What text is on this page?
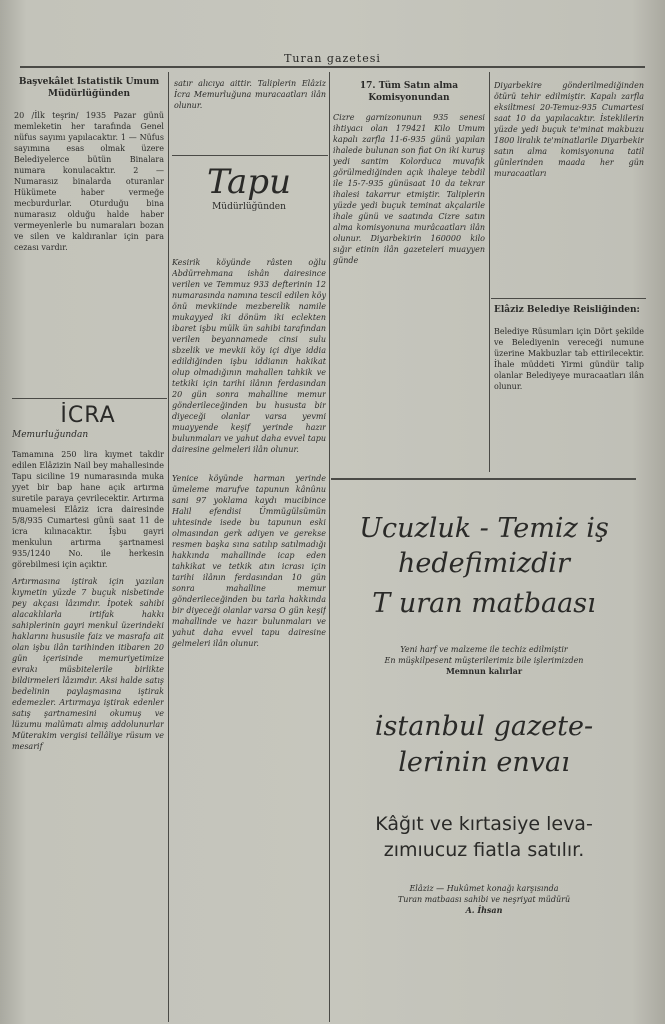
Turan gazetesi
Başvekâlet İstatistik Umum Müdürlüğünden

20 /İlk teşrin/ 1935 Pazar günü memleketin her tarafında Genel nüfus sayımı yapılacaktır. 1 — Nüfus sayımına esas olmak üzere Belediyelerce bütün Binalara numara konulacaktır. 2 — Numarasız binalarda oturanlar Hükümete haber vermeğe mecburdurlar. Oturduğu bina numarasız olduğu halde haber vermeyenlerle bu numaraları bozan ve silen ve kaldıranlar için para cezası vardır.

İCRA
Memurluğundan

Tamamına 250 lira kıymet takdir edilen Elâzizin Nail bey mahallesinde Tapu siciline 19 numarasında muka yyet bir bap hane açık artırma suretile paraya çevrilecektir. Artırma muamelesi Elâziz icra dairesinde 5/8/935 Cumartesi günü saat 11 de icra kılınacaktır. İşbu gayri menkulun artırma şartnamesi 935/1240 No. ile herkesin görebilmesi için açıktır.

Artırmasına iştirak için yazılan kıymetin yüzde 7 buçuk nisbetinde pey akçası lâzımdır. İpotek sahibi alacaklılarla irtifak hakkı sahiplerinin gayri menkul üzerindeki haklarını hususile faiz ve masrafa ait olan işbu ilân tarihinden itibaren 20 gün içerisinde memuriyetimize evrakı müsbitelerile birlikte bildirmeleri lâzımdır. Aksi halde satış bedelinin paylaşmasına iştirak edemezler. Artırmaya iştirak edenler satış şartnamesini okumuş ve lüzumu malûmatı almış addolunurlar Müterakim vergisi tellâliye rüsum ve mesarif

satır alıcıya aittir. Taliplerin Elâziz İcra Memurluğuna muracaatları ilân olunur.

Tapu
Müdürlüğünden

Kesirik köyünde râsten oğlu Abdürrehmana ishân dairesince verilen ve Temmuz 933 defterinin 12 numarasında namına tescil edilen köy önü mevkiinde mezberelik namile mukayyed iki dönüm iki eclekten ibaret işbu mülk ün sahibi tarafından verilen beyannamede cinsi sulu sbzelik ve mevkii köy içi diye iddia edildiğinden işbu iddianın hakikat olup olmadığının mahallen tahkik ve tetkiki için tarihi ilânın ferdasından 20 gün sonra mahalline memur gönderileceğinden bu hususta bir diyeceği olanlar varsa yevmi muayyende keşif yerinde hazır bulunmaları ve yahut daha evvel tapu dairesine gelmeleri ilân olunur.

Yenice köyünde harman yerinde ümeleme marufve tapunun kânûnu sani 97 yoklama kaydı mucibince Halil efendisi Ümmügülsümün uhtesinde isede bu tapunun eski olmasından gerk adiyen ve gerekse resmen başka sına satılıp satılmadığı hakkında mahallinde icap eden tahkikat ve tetkik atın icrası için tarihi ilânın ferdasından 10 gün sonra mahalline memur gönderileceğinden bu tarla hakkında bir diyeceği olanlar varsa O gün keşif mahallinde ve hazır bulunmaları ve yahut daha evvel tapu dairesine gelmeleri ilân olunur.

17. Tüm Satın alma Komisyonundan

Cizre garnizonunun 935 senesi ihtiyacı olan 179421 Kilo Umum kapalı zarfla 11-6-935 günü yapılan ihalede bulunan son fiat On iki kuruş yedi santim Kolorduca muvafık görülmediğinden açık ihaleye tebdil ile 15-7-935 günüsaat 10 da tekrar ihalesi takarrur etmiştir. Taliplerin yüzde yedi buçuk teminat akçalarile ihale günü ve saatında Cizre satın alma komisyonuna murâcaatları ilân olunur. Diyarbekirin 160000 kilo sığır etinin ilân gazeteleri muayyen günde

Diyarbekire gönderilmediğinden ötürü tehir edilmiştir. Kapalı zarfla eksiltmesi 20-Temuz-935 Cumartesi saat 10 da yapılacaktır. İsteklilerin yüzde yedi buçuk te'minat makbuzu 1800 liralık te'minatlarile Diyarbekir satın alma komisyonuna tatil günlerinden maada her gün muracaatları

Elâziz Belediye Reisliğinden:

Belediye Rüsumları için Dört şekilde ve Belediyenin vereceği numune üzerine Makbuzlar tab ettirilecektir. İhale müddeti Yirmi gündür talip olanlar Belediyeye muracaatları ilân olunur.

Ucuzluk - Temiz iş
hedefimizdir
T uran matbaası
Yeni harf ve malzeme ile techiz edilmiştir
En müşkilpesent müşterilerimiz bile işlerimizden
Memnun kalırlar
istanbul gazete-
lerinin envaı
Kâğıt ve kırtasiye leva-
zımıucuz fiatla satılır.
Elâziz — Hukûmet konağı karşısında
Turan matbaası sahibi ve neşriyat müdürü
A. İhsan
